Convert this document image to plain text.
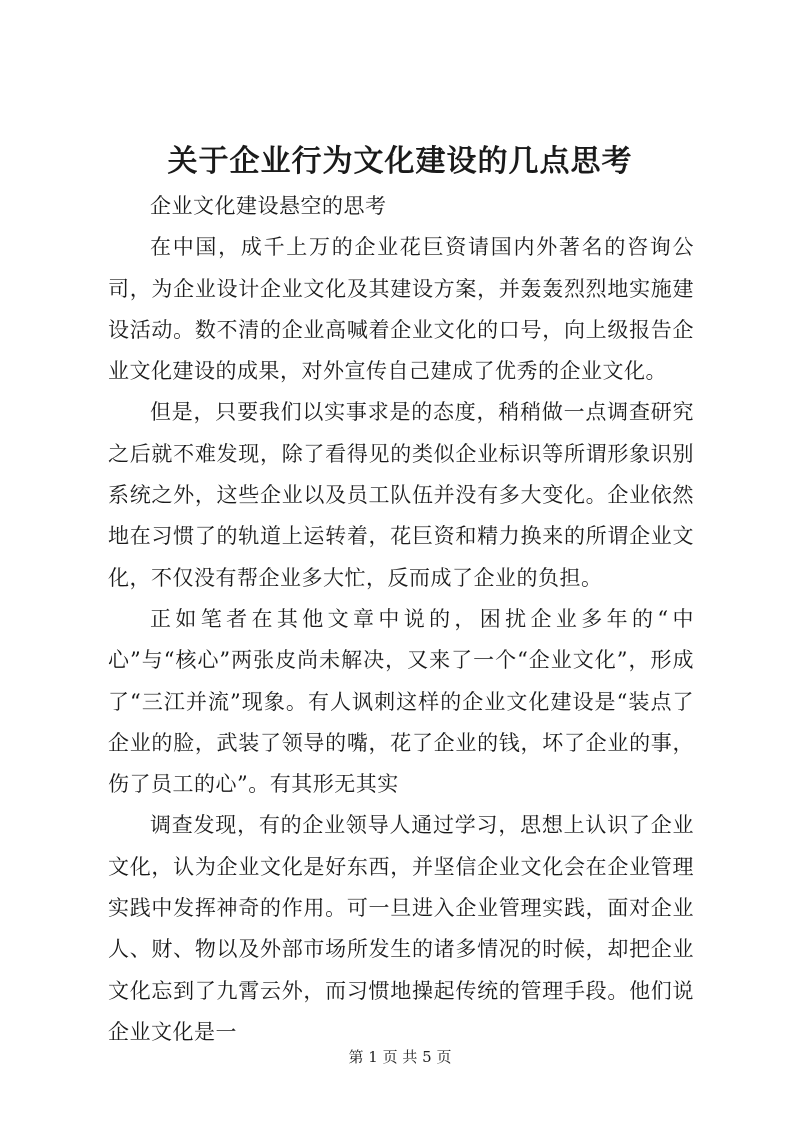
关于企业行为文化建设的几点思考

企业文化建设悬空的思考

在中国，成千上万的企业花巨资请国内外著名的咨询公司，为企业设计企业文化及其建设方案，并轰轰烈烈地实施建设活动。数不清的企业高喊着企业文化的口号，向上级报告企业文化建设的成果，对外宣传自己建成了优秀的企业文化。

但是，只要我们以实事求是的态度，稍稍做一点调查研究之后就不难发现，除了看得见的类似企业标识等所谓形象识别系统之外，这些企业以及员工队伍并没有多大变化。企业依然地在习惯了的轨道上运转着，花巨资和精力换来的所谓企业文化，不仅没有帮企业多大忙，反而成了企业的负担。

正如笔者在其他文章中说的，困扰企业多年的“中心”与“核心”两张皮尚未解决，又来了一个“企业文化”，形成了“三江并流”现象。有人讽刺这样的企业文化建设是“装点了企业的脸，武装了领导的嘴，花了企业的钱，坏了企业的事，伤了员工的心”。有其形无其实

调查发现，有的企业领导人通过学习，思想上认识了企业文化，认为企业文化是好东西，并坚信企业文化会在企业管理实践中发挥神奇的作用。可一旦进入企业管理实践，面对企业人、财、物以及外部市场所发生的诸多情况的时候，却把企业文化忘到了九霄云外，而习惯地操起传统的管理手段。他们说企业文化是一

第 1 页 共 5 页
